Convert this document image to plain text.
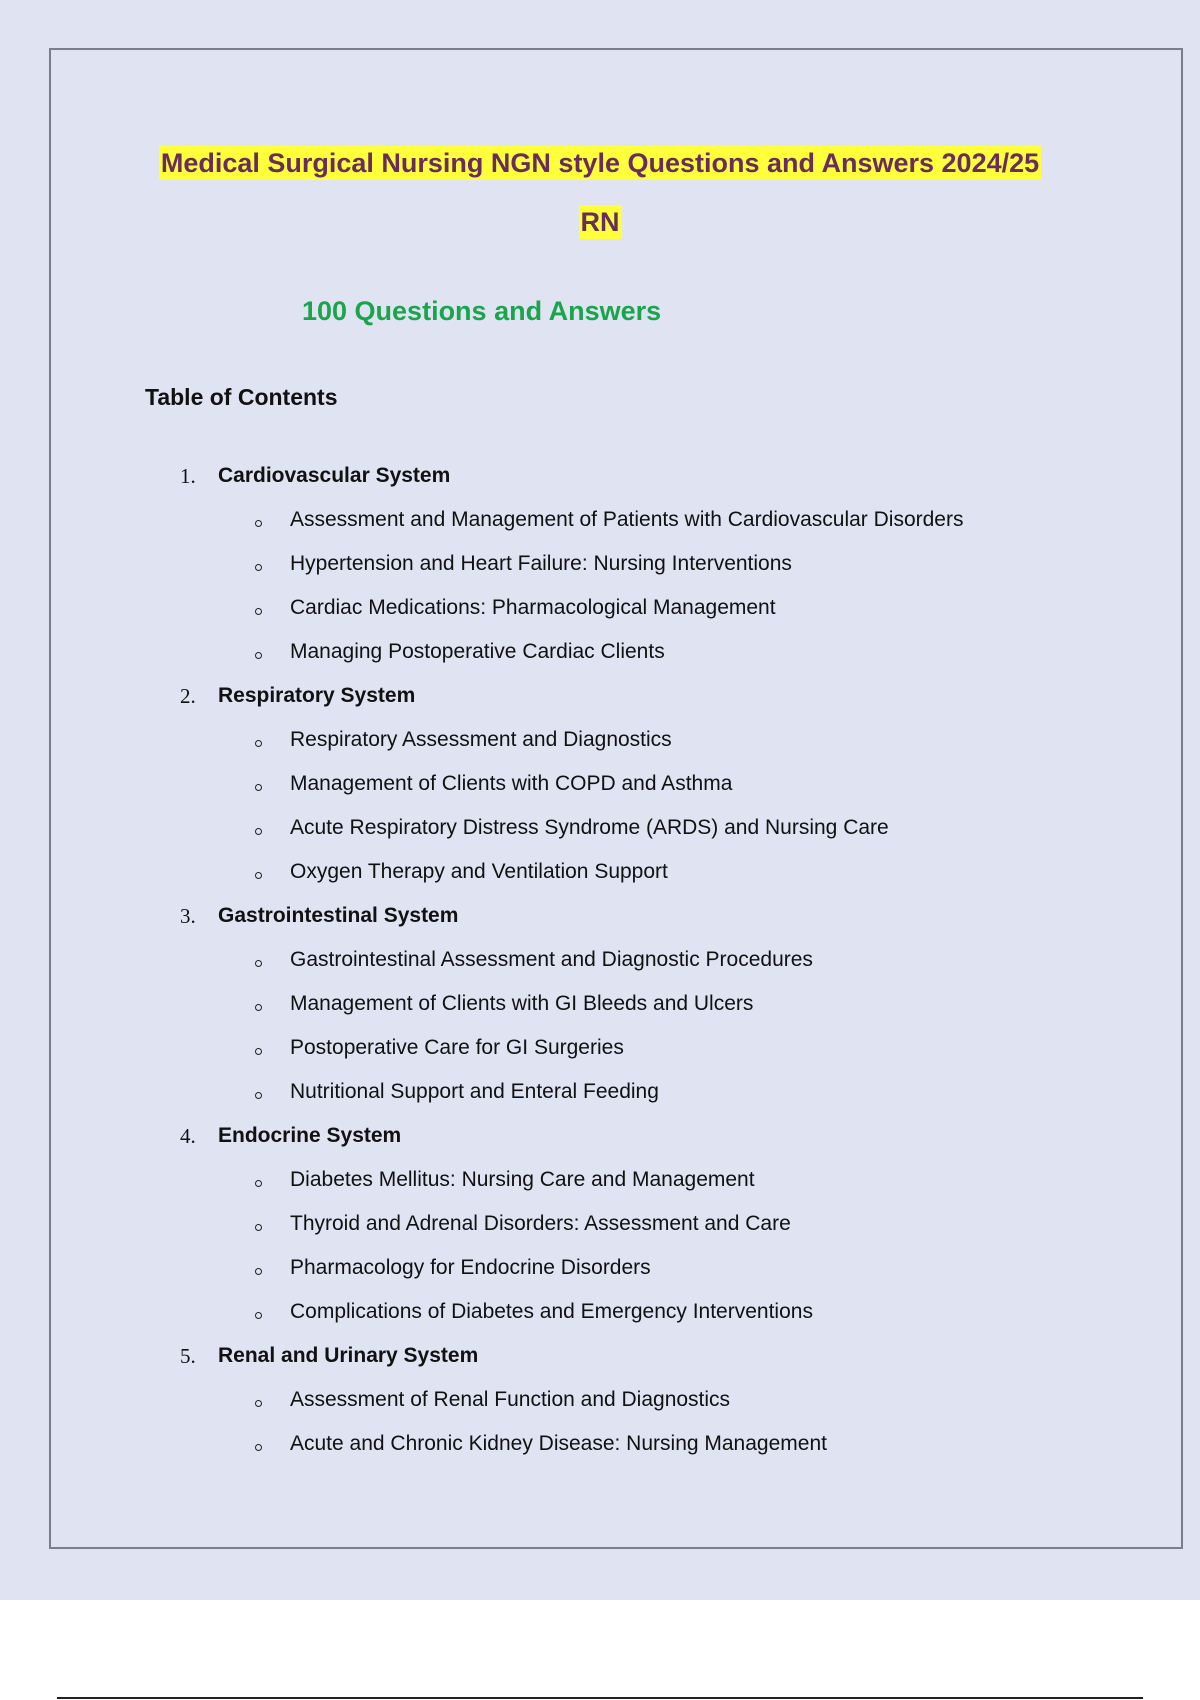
Medical Surgical Nursing NGN style Questions and Answers 2024/25
RN
100 Questions and Answers
Table of Contents
1. Cardiovascular System
Assessment and Management of Patients with Cardiovascular Disorders
Hypertension and Heart Failure: Nursing Interventions
Cardiac Medications: Pharmacological Management
Managing Postoperative Cardiac Clients
2. Respiratory System
Respiratory Assessment and Diagnostics
Management of Clients with COPD and Asthma
Acute Respiratory Distress Syndrome (ARDS) and Nursing Care
Oxygen Therapy and Ventilation Support
3. Gastrointestinal System
Gastrointestinal Assessment and Diagnostic Procedures
Management of Clients with GI Bleeds and Ulcers
Postoperative Care for GI Surgeries
Nutritional Support and Enteral Feeding
4. Endocrine System
Diabetes Mellitus: Nursing Care and Management
Thyroid and Adrenal Disorders: Assessment and Care
Pharmacology for Endocrine Disorders
Complications of Diabetes and Emergency Interventions
5. Renal and Urinary System
Assessment of Renal Function and Diagnostics
Acute and Chronic Kidney Disease: Nursing Management
